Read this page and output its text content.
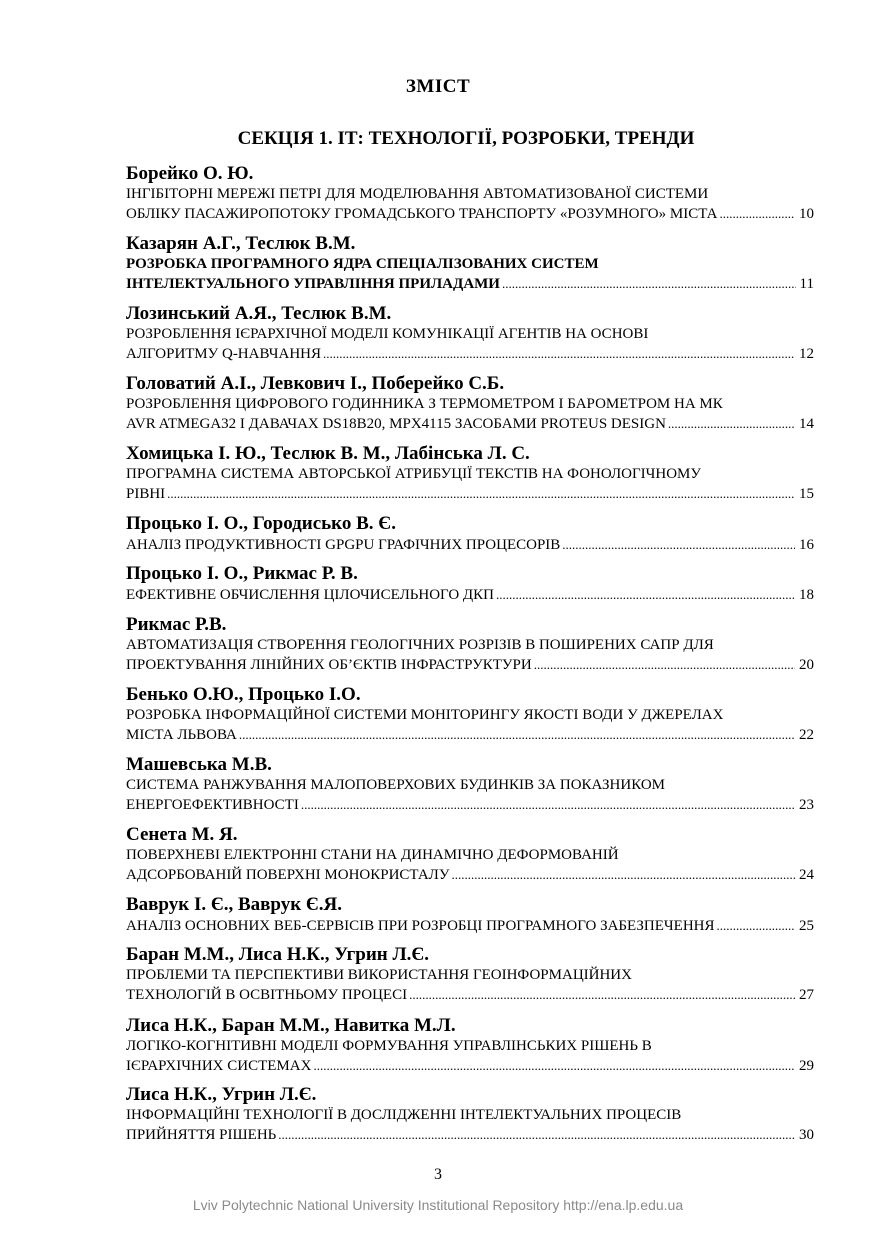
ЗМІСТ
СЕКЦІЯ 1. ІТ: ТЕХНОЛОГІЇ, РОЗРОБКИ, ТРЕНДИ
Борейко О. Ю.
ІНГІБІТОРНІ МЕРЕЖІ ПЕТРІ ДЛЯ МОДЕЛЮВАННЯ АВТОМАТИЗОВАНОЇ СИСТЕМИ
ОБЛІКУ ПАСАЖИРОПОТОКУ ГРОМАДСЬКОГО ТРАНСПОРТУ «РОЗУМНОГО» МІСТА .....	10
Казарян А.Г., Теслюк В.М.
РОЗРОБКА ПРОГРАМНОГО ЯДРА СПЕЦІАЛІЗОВАНИХ СИСТЕМ
ІНТЕЛЕКТУАЛЬНОГО УПРАВЛІННЯ ПРИЛАДАМИ .....	11
Лозинський А.Я., Теслюк В.М.
РОЗРОБЛЕННЯ ІЄРАРХІЧНОЇ МОДЕЛІ КОМУНІКАЦІЇ АГЕНТІВ НА ОСНОВІ
АЛГОРИТМУ Q-НАВЧАННЯ .....	12
Головатий А.І., Левкович І., Поберейко С.Б.
РОЗРОБЛЕННЯ ЦИФРОВОГО ГОДИННИКА З ТЕРМОМЕТРОМ І БАРОМЕТРОМ НА МК
AVR ATMEGA32 І ДАВАЧАХ DS18B20, MPX4115 ЗАСОБАМИ PROTEUS DESIGN .....	14
Хомицька І. Ю., Теслюк В. М., Лабінська Л. С.
ПРОГРАМНА СИСТЕМА АВТОРСЬКОЇ АТРИБУЦІЇ ТЕКСТІВ НА ФОНОЛОГІЧНОМУ
РІВНІ .....	15
Процько І. О., Городисько В. Є.
АНАЛІЗ ПРОДУКТИВНОСТІ GPGPU ГРАФІЧНИХ ПРОЦЕСОРІВ .....	16
Процько І. О., Рикмас Р. В.
ЕФЕКТИВНЕ ОБЧИСЛЕННЯ ЦІЛОЧИСЕЛЬНОГО ДКП .....	18
Рикмас Р.В.
АВТОМАТИЗАЦІЯ СТВОРЕННЯ ГЕОЛОГІЧНИХ РОЗРІЗІВ В ПОШИРЕНИХ САПР ДЛЯ
ПРОЕКТУВАННЯ ЛІНІЙНИХ ОБ’ЄКТІВ ІНФРАСТРУКТУРИ .....	20
Бенько О.Ю., Процько І.О.
РОЗРОБКА ІНФОРМАЦІЙНОЇ СИСТЕМИ МОНІТОРИНГУ ЯКОСТІ ВОДИ У ДЖЕРЕЛАХ
МІСТА ЛЬВОВА .....	22
Машевська М.В.
СИСТЕМА РАНЖУВАННЯ МАЛОПОВЕРХОВИХ БУДИНКІВ ЗА ПОКАЗНИКОМ
ЕНЕРГОЕФЕКТИВНОСТІ .....	23
Сенета М. Я.
ПОВЕРХНЕВІ ЕЛЕКТРОННІ СТАНИ НА ДИНАМІЧНО ДЕФОРМОВАНІЙ
АДСОРБОВАНІЙ ПОВЕРХНІ МОНОКРИСТАЛУ .....	24
Ваврук І. Є., Ваврук Є.Я.
АНАЛІЗ ОСНОВНИХ ВЕБ-СЕРВІСІВ ПРИ РОЗРОБЦІ ПРОГРАМНОГО ЗАБЕЗПЕЧЕННЯ .....	25
Баран М.М., Лиса Н.К., Угрин Л.Є.
ПРОБЛЕМИ ТА ПЕРСПЕКТИВИ ВИКОРИСТАННЯ ГЕОІНФОРМАЦІЙНИХ
ТЕХНОЛОГІЙ В ОСВІТНЬОМУ ПРОЦЕСІ .....	27
Лиса Н.К., Баран М.М., Навитка М.Л.
ЛОГІКО-КОГНІТИВНІ МОДЕЛІ ФОРМУВАННЯ УПРАВЛІНСЬКИХ РІШЕНЬ В
ІЄРАРХІЧНИХ СИСТЕМАХ .....	29
Лиса Н.К., Угрин Л.Є.
ІНФОРМАЦІЙНІ ТЕХНОЛОГІЇ В ДОСЛІДЖЕННІ ІНТЕЛЕКТУАЛЬНИХ ПРОЦЕСІВ
ПРИЙНЯТТЯ РІШЕНЬ .....	30
3
Lviv Polytechnic National University Institutional Repository http://ena.lp.edu.ua
